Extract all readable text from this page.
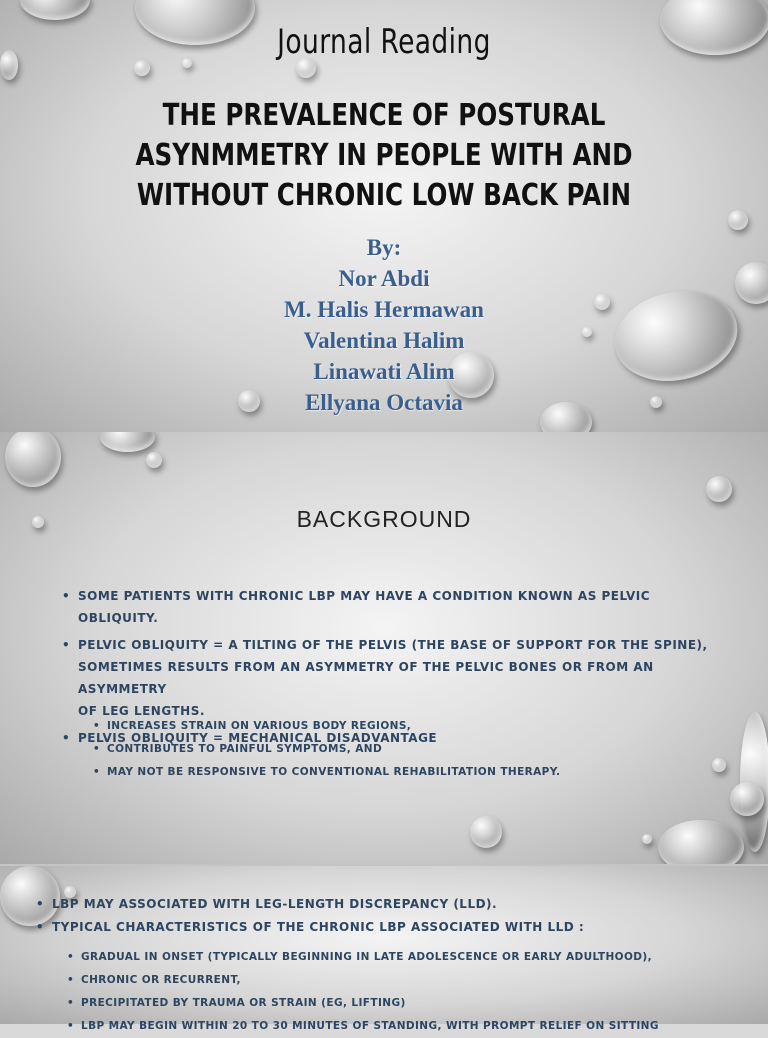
Journal Reading
THE PREVALENCE OF POSTURAL ASYNMMETRY IN PEOPLE WITH AND WITHOUT CHRONIC LOW BACK PAIN
By:
Nor Abdi
M. Halis Hermawan
Valentina Halim
Linawati Alim
Ellyana Octavia
BACKGROUND
• SOME PATIENTS WITH CHRONIC LBP MAY HAVE A CONDITION KNOWN AS PELVIC OBLIQUITY.
• PELVIC OBLIQUITY = A TILTING OF THE PELVIS (THE BASE OF SUPPORT FOR THE SPINE),
SOMETIMES RESULTS FROM AN ASYMMETRY OF THE PELVIC BONES OR FROM AN ASYMMETRY
OF LEG LENGTHS.
• PELVIS OBLIQUITY = MECHANICAL DISADVANTAGE
• INCREASES STRAIN ON VARIOUS BODY REGIONS,
• CONTRIBUTES TO PAINFUL SYMPTOMS, AND
• MAY NOT BE RESPONSIVE TO CONVENTIONAL REHABILITATION THERAPY.
• LBP MAY ASSOCIATED WITH LEG-LENGTH DISCREPANCY (LLD).
• TYPICAL CHARACTERISTICS OF THE CHRONIC LBP ASSOCIATED WITH LLD :
• GRADUAL IN ONSET (TYPICALLY BEGINNING IN LATE ADOLESCENCE OR EARLY ADULTHOOD),
• CHRONIC OR RECURRENT,
• PRECIPITATED BY TRAUMA OR STRAIN (EG, LIFTING)
• LBP MAY BEGIN WITHIN 20 TO 30 MINUTES OF STANDING, WITH PROMPT RELIEF ON SITTING
